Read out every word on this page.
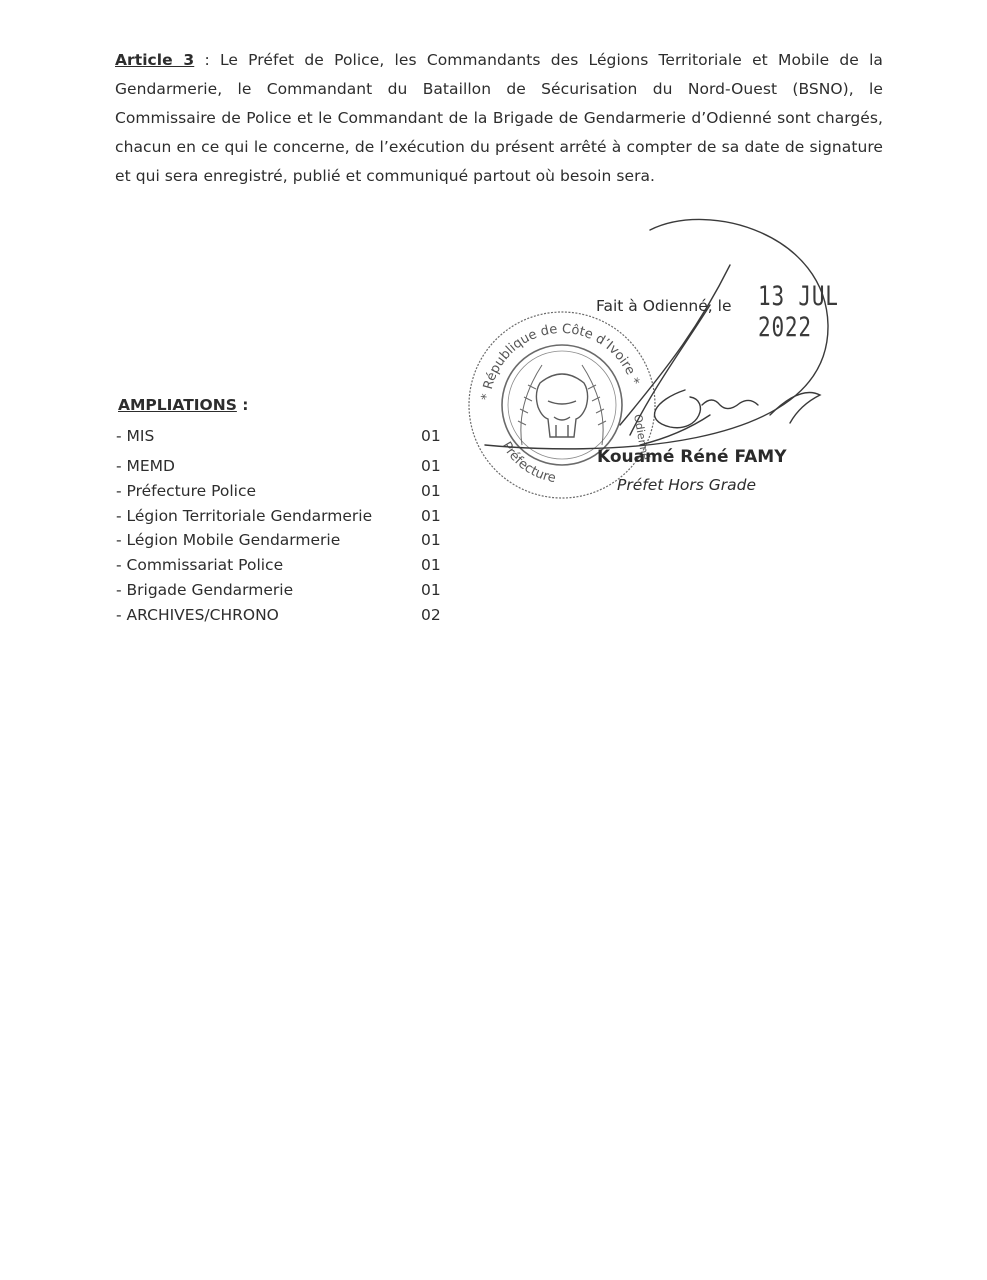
Article 3 : Le Préfet de Police, les Commandants des Légions Territoriale et Mobile de la Gendarmerie, le Commandant du Bataillon de Sécurisation du Nord-Ouest (BSNO), le Commissaire de Police et le Commandant de la Brigade de Gendarmerie d’Odienné sont chargés, chacun en ce qui le concerne, de l’exécution du présent arrêté à compter de sa date de signature et qui sera enregistré, publié et communiqué partout où besoin sera.

* République de Côte d’Ivoire *
Préfecture
Odienné
Fait à Odienné, le 13 JUL 2022
Kouamé Réné FAMY
Préfet Hors Grade
AMPLIATIONS :
- MIS	01
- MEMD	01
- Préfecture Police	01
- Légion Territoriale Gendarmerie	01
- Légion Mobile Gendarmerie	01
- Commissariat Police	01
- Brigade Gendarmerie	01
- ARCHIVES/CHRONO	02
